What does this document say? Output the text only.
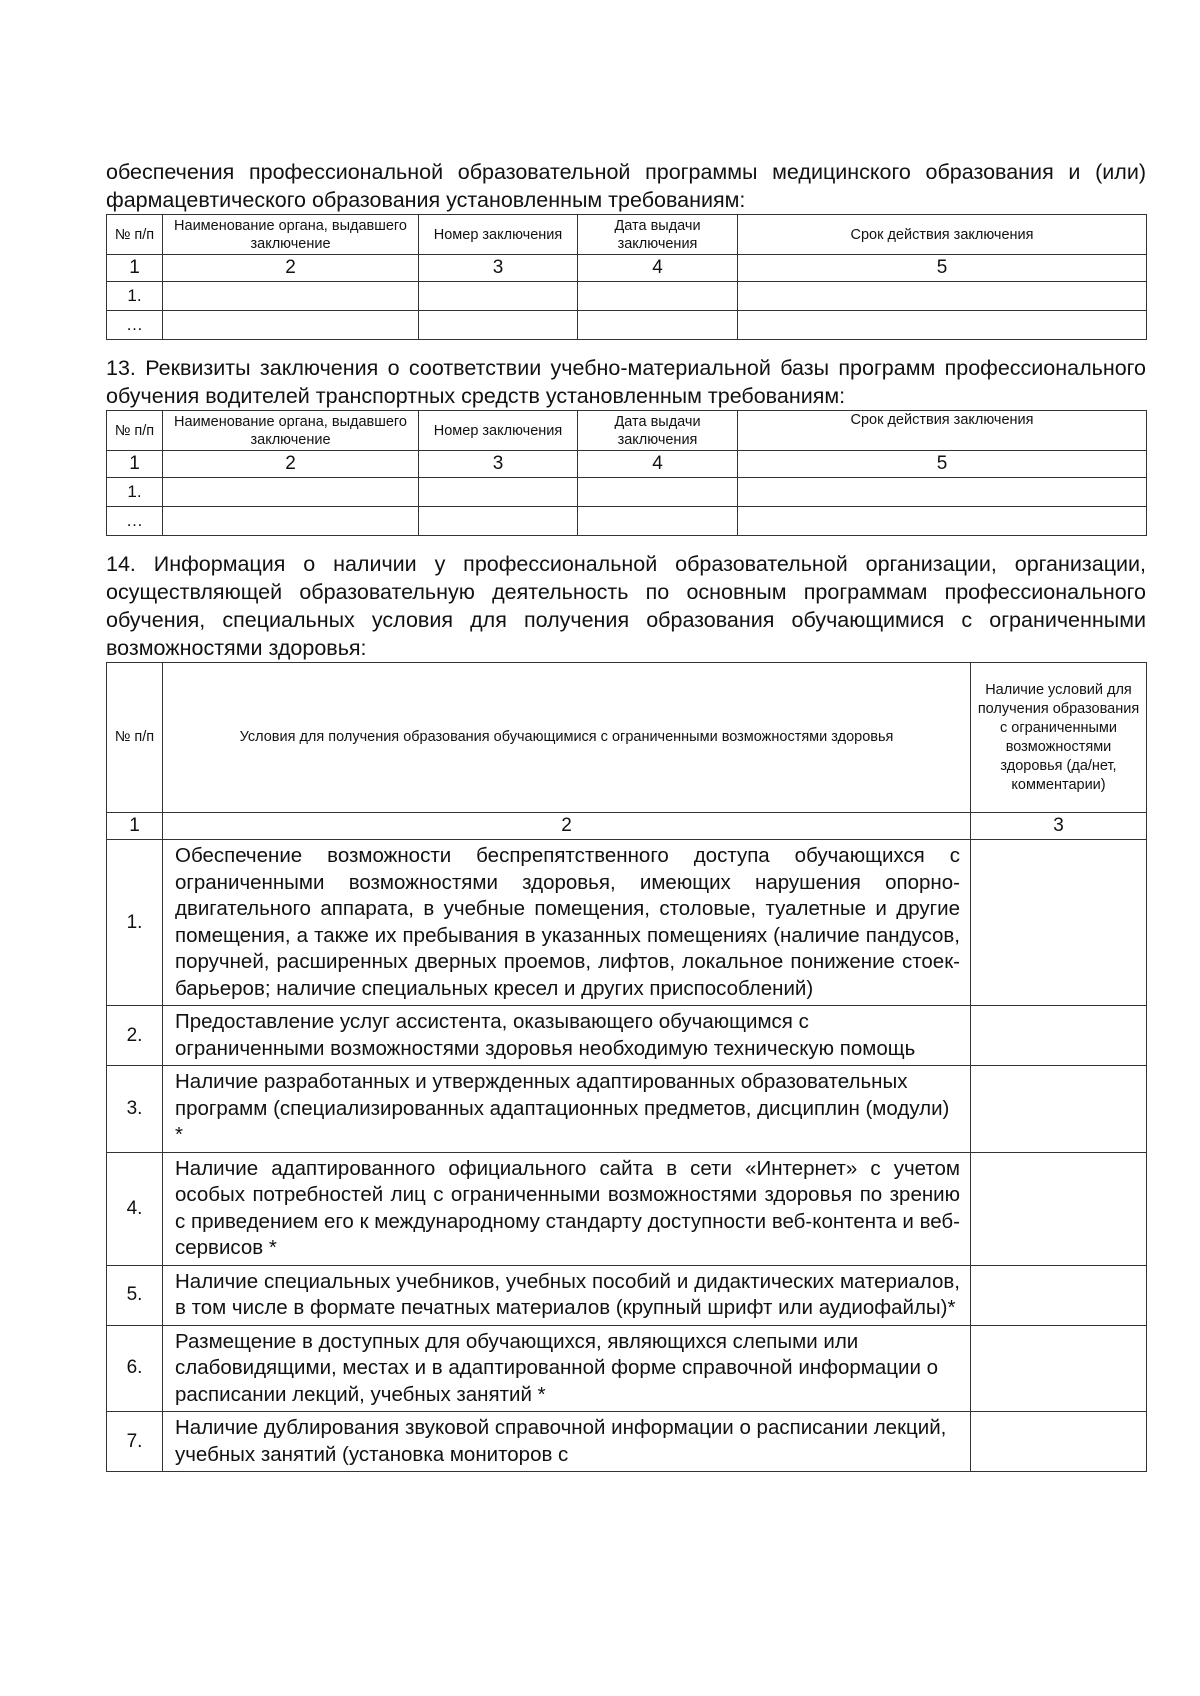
обеспечения профессиональной образовательной программы медицинского образования и (или) фармацевтического образования установленным требованиям:

№ п/п	Наименование органа, выдавшего заключение	Номер заключения	Дата выдачи заключения	Срок действия заключения
1	2	3	4	5
1.				
…				

13. Реквизиты заключения о соответствии учебно-материальной базы программ профессионального обучения водителей транспортных средств установленным требованиям:

№ п/п	Наименование органа, выдавшего заключение	Номер заключения	Дата выдачи заключения	Срок действия заключения
1	2	3	4	5
1.				
…				

14. Информация о наличии у профессиональной образовательной организации, организации, осуществляющей образовательную деятельность по основным программам профессионального обучения, специальных условия для получения образования обучающимися с ограниченными возможностями здоровья:

№ п/п	Условия для получения образования обучающимися с ограниченными возможностями здоровья	Наличие условий для получения образования с ограниченными возможностями здоровья (да/нет, комментарии)
1	2	3
1.	Обеспечение возможности беспрепятственного доступа обучающихся с ограниченными возможностями здоровья, имеющих нарушения опорно-двигательного аппарата, в учебные помещения, столовые, туалетные и другие помещения, а также их пребывания в указанных помещениях (наличие пандусов, поручней, расширенных дверных проемов, лифтов, локальное понижение стоек-барьеров; наличие специальных кресел и других приспособлений)	
2.	Предоставление услуг ассистента, оказывающего обучающимся с ограниченными возможностями здоровья необходимую техническую помощь	
3.	Наличие разработанных и утвержденных адаптированных образовательных программ (специализированных адаптационных предметов, дисциплин (модули) *	
4.	Наличие адаптированного официального сайта в сети «Интернет» с учетом особых потребностей лиц с ограниченными возможностями здоровья по зрению с приведением его к международному стандарту доступности веб-контента и веб-сервисов *	
5.	Наличие специальных учебников, учебных пособий и дидактических материалов, в том числе в формате печатных материалов (крупный шрифт или аудиофайлы)*	
6.	Размещение в доступных для обучающихся, являющихся слепыми или слабовидящими, местах и в адаптированной форме справочной информации о расписании лекций, учебных занятий *	
7.	Наличие дублирования звуковой справочной информации о расписании лекций, учебных занятий (установка мониторов с	
